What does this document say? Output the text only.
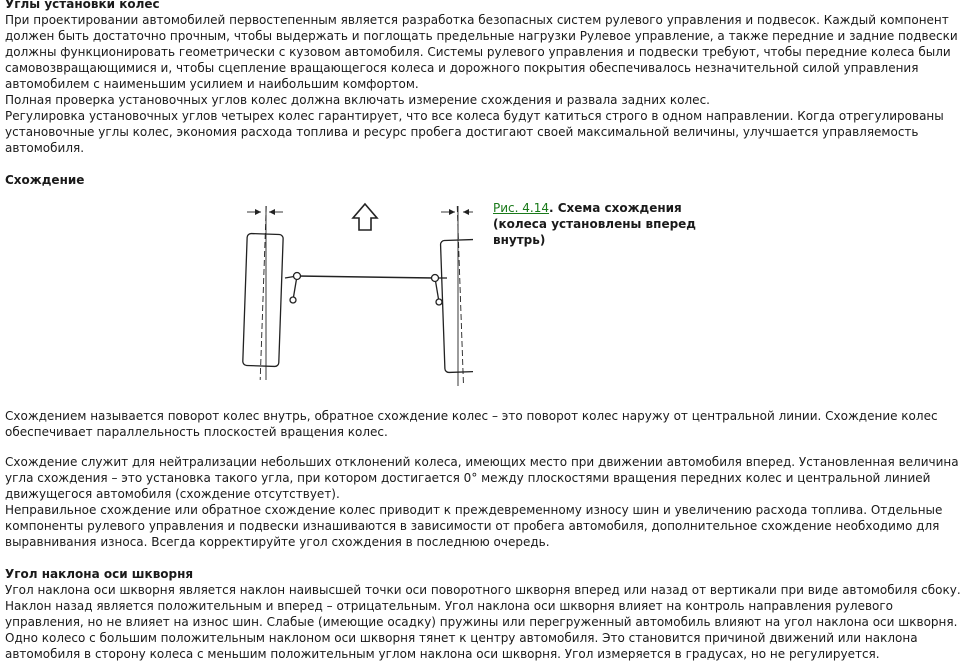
Углы установки колес

При проектировании автомобилей первостепенным является разработка безопасных систем рулевого управления и подвесок. Каждый компонент должен быть достаточно прочным, чтобы выдержать и поглощать предельные нагрузки Рулевое управление, а также передние и задние подвески должны функционировать геометрически с кузовом автомобиля. Системы рулевого управления и подвески требуют, чтобы передние колеса были самовозвращающимися и, чтобы сцепление вращающегося колеса и дорожного покрытия обеспечивалось незначительной силой управления автомобилем с наименьшим усилием и наибольшим комфортом.

Полная проверка установочных углов колес должна включать измерение схождения и развала задних колес.

Регулировка установочных углов четырех колес гарантирует, что все колеса будут катиться строго в одном направлении. Когда отрегулированы установочные углы колес, экономия расхода топлива и ресурс пробега достигают своей максимальной величины, улучшается управляемость автомобиля.

Схождение
Рис. 4.14. Схема схождения (колеса установлены вперед внутрь)

Схождением называется поворот колес внутрь, обратное схождение колес – это поворот колес наружу от центральной линии. Схождение колес обеспечивает параллельность плоскостей вращения колес.

Схождение служит для нейтрализации небольших отклонений колеса, имеющих место при движении автомобиля вперед. Установленная величина угла схождения – это установка такого угла, при котором достигается 0° между плоскостями вращения передних колес и центральной линией движущегося автомобиля (схождение отсутствует).

Неправильное схождение или обратное схождение колес приводит к преждевременному износу шин и увеличению расхода топлива. Отдельные компоненты рулевого управления и подвески изнашиваются в зависимости от пробега автомобиля, дополнительное схождение необходимо для выравнивания износа. Всегда корректируйте угол схождения в последнюю очередь.

Угол наклона оси шкворня

Угол наклона оси шкворня является наклон наивысшей точки оси поворотного шкворня вперед или назад от вертикали при виде автомобиля сбоку.

Наклон назад является положительным и вперед – отрицательным. Угол наклона оси шкворня влияет на контроль направления рулевого управления, но не влияет на износ шин. Слабые (имеющие осадку) пружины или перегруженный автомобиль влияют на угол наклона оси шкворня. Одно колесо с большим положительным наклоном оси шкворня тянет к центру автомобиля. Это становится причиной движений или наклона автомобиля в сторону колеса с меньшим положительным углом наклона оси шкворня. Угол измеряется в градусах, но не регулируется.
